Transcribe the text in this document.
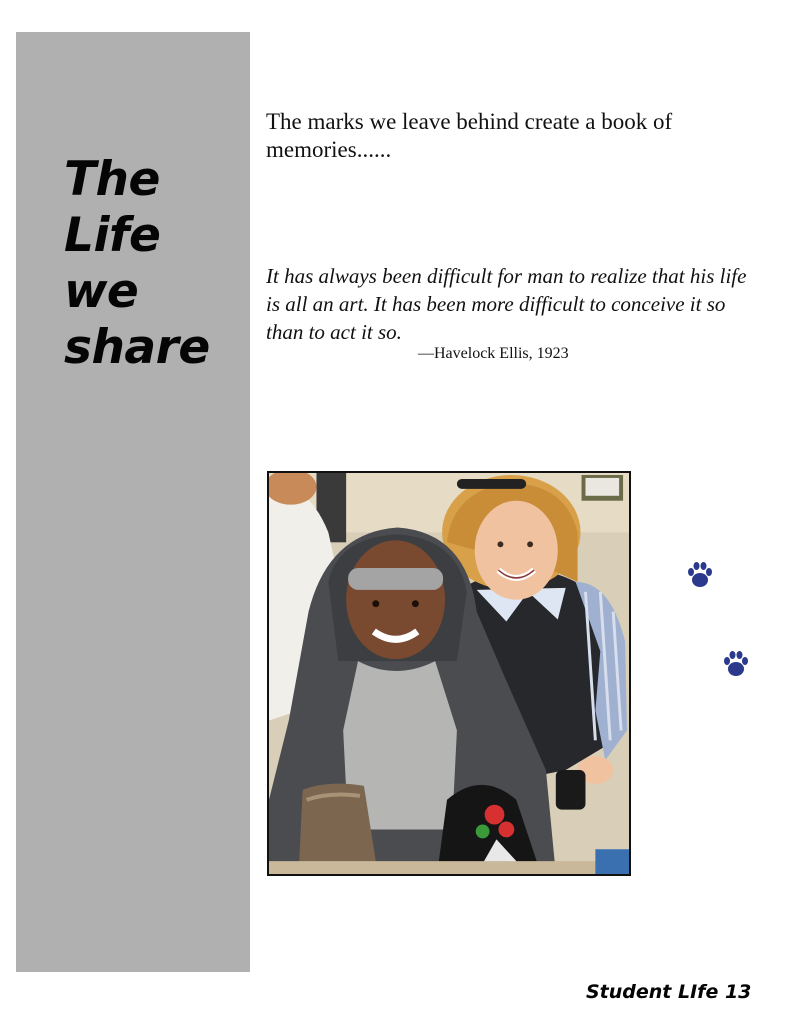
The
Life
we
share

The marks we leave behind create a book of memories......

It has always been difficult for man to realize that his life is all an art. It has been more difficult to conceive it so than to act it so.

—Havelock Ellis, 1923

Student LIfe 13
